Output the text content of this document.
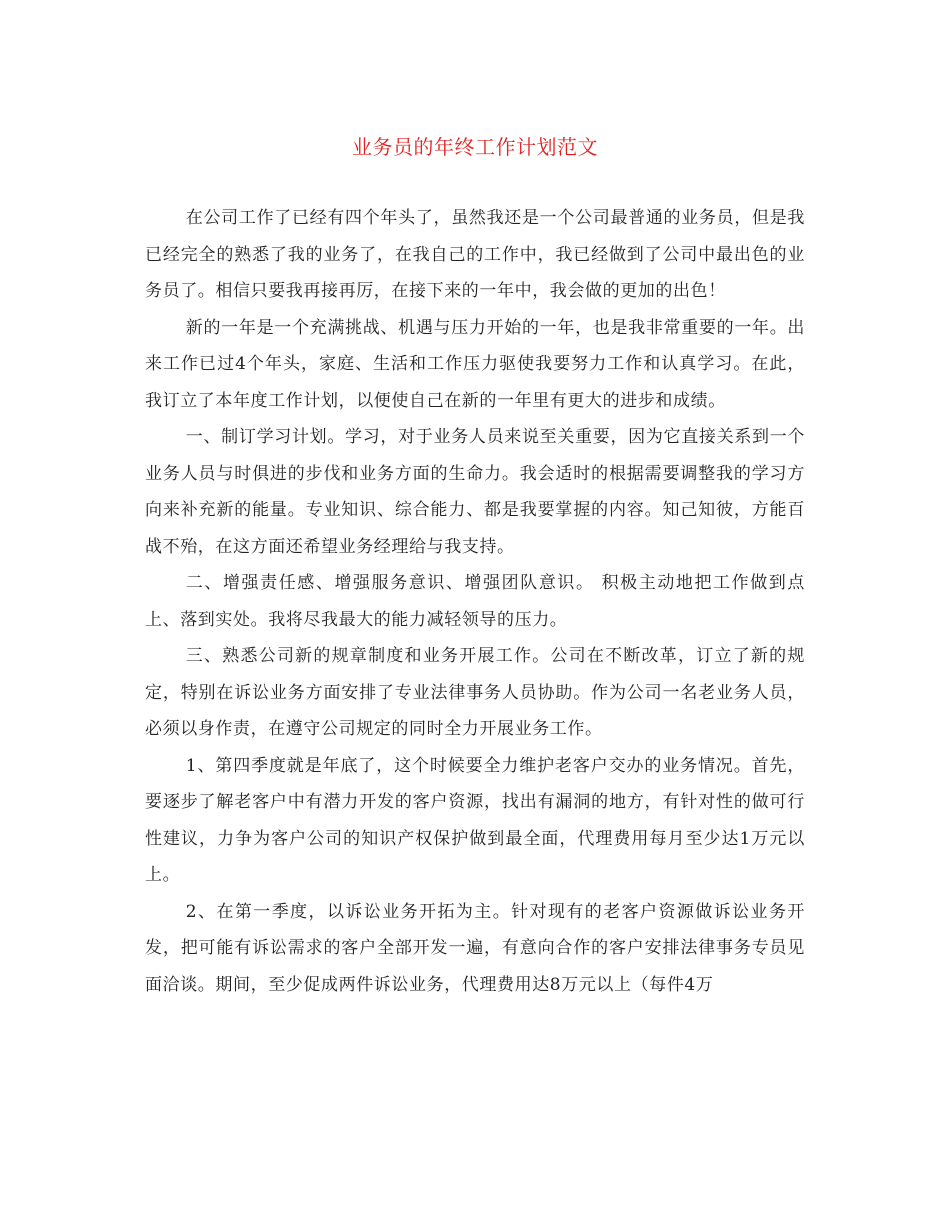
业务员的年终工作计划范文

在公司工作了已经有四个年头了，虽然我还是一个公司最普通的业务员，但是我已经完全的熟悉了我的业务了，在我自己的工作中，我已经做到了公司中最出色的业务员了。相信只要我再接再厉，在接下来的一年中，我会做的更加的出色！

新的一年是一个充满挑战、机遇与压力开始的一年，也是我非常重要的一年。出来工作已过4个年头，家庭、生活和工作压力驱使我要努力工作和认真学习。在此，我订立了本年度工作计划，以便使自己在新的一年里有更大的进步和成绩。

一、制订学习计划。学习，对于业务人员来说至关重要，因为它直接关系到一个业务人员与时俱进的步伐和业务方面的生命力。我会适时的根据需要调整我的学习方向来补充新的能量。专业知识、综合能力、都是我要掌握的内容。知己知彼，方能百战不殆，在这方面还希望业务经理给与我支持。

二、增强责任感、增强服务意识、增强团队意识。 积极主动地把工作做到点上、落到实处。我将尽我最大的能力减轻领导的压力。

三、熟悉公司新的规章制度和业务开展工作。公司在不断改革，订立了新的规定，特别在诉讼业务方面安排了专业法律事务人员协助。作为公司一名老业务人员，必须以身作责，在遵守公司规定的同时全力开展业务工作。

1、第四季度就是年底了，这个时候要全力维护老客户交办的业务情况。首先，要逐步了解老客户中有潜力开发的客户资源，找出有漏洞的地方，有针对性的做可行性建议，力争为客户公司的知识产权保护做到最全面，代理费用每月至少达1万元以上。

2、在第一季度，以诉讼业务开拓为主。针对现有的老客户资源做诉讼业务开发，把可能有诉讼需求的客户全部开发一遍，有意向合作的客户安排法律事务专员见面洽谈。期间，至少促成两件诉讼业务，代理费用达8万元以上（每件4万
